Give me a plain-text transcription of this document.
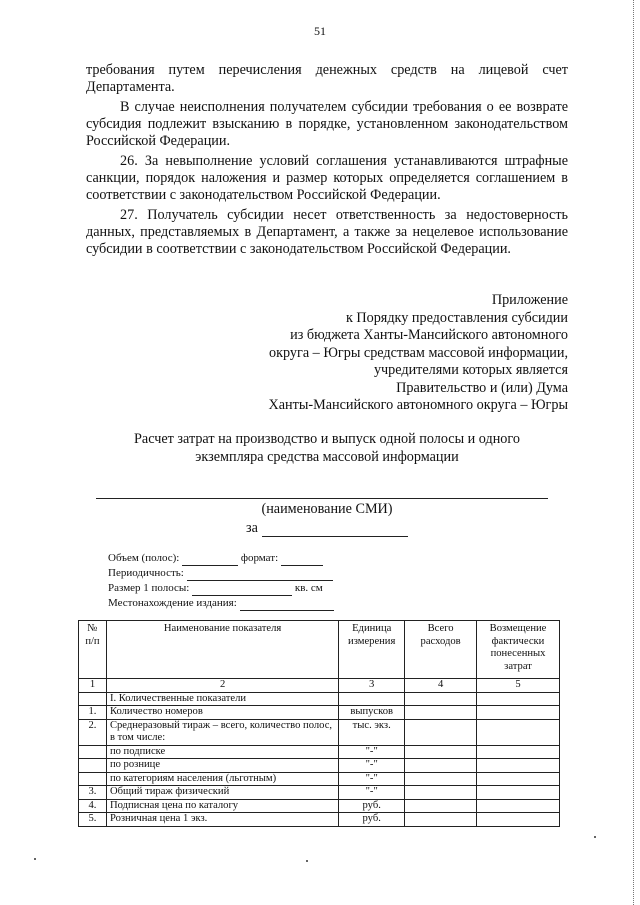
51

требования путем перечисления денежных средств на лицевой счет Департамента.

В случае неисполнения получателем субсидии требования о ее возврате субсидия подлежит взысканию в порядке, установленном законодательством Российской Федерации.

26. За невыполнение условий соглашения устанавливаются штрафные санкции, порядок наложения и размер которых определяется соглашением в соответствии с законодательством Российской Федерации.

27. Получатель субсидии несет ответственность за недостоверность данных, представляемых в Департамент, а также за нецелевое использование субсидии в соответствии с законодательством Российской Федерации.

Приложение
к Порядку предоставления субсидии
из бюджета Ханты-Мансийского автономного
округа – Югры средствам массовой информации,
учредителями которых является
Правительство и (или) Дума
Ханты-Мансийского автономного округа – Югры
Расчет затрат на производство и выпуск одной полосы и одного
экземпляра средства массовой информации
(наименование СМИ)
за
Объем (полос):	формат:
Периодичность:
Размер 1 полосы:	кв. см
Местонахождение издания:
№ п/п	Наименование показателя	Единица измерения	Всего расходов	Возмещение фактически понесенных затрат
1	2	3	4	5
	I. Количественные показатели			
1.	Количество номеров	выпусков		
2.	Среднеразовый тираж – всего, количество полос, в том числе:	тыс. экз.		
	по подписке	"-"		
	по рознице	"-"		
	по категориям населения (льготным)	"-"		
3.	Общий тираж физический	"-"		
4.	Подписная цена по каталогу	руб.		
5.	Розничная цена 1 экз.	руб.		
